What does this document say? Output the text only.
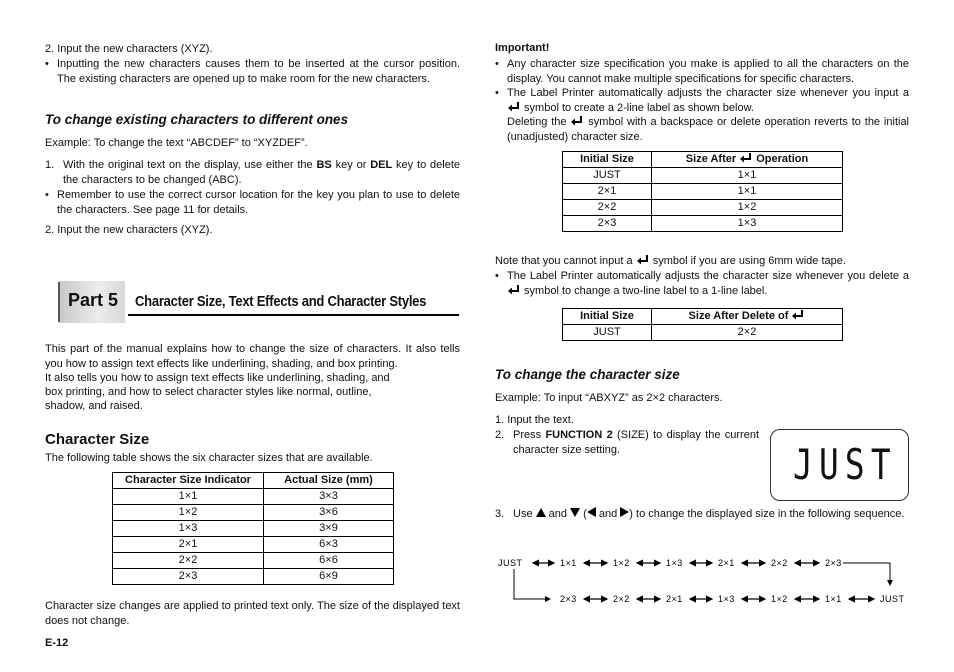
2. Input the new characters (XYZ).
• Inputting the new characters causes them to be inserted at the cursor position. The existing characters are opened up to make room for the new characters.
To change existing characters to different ones
Example: To change the text “ABCDEF” to “XYZDEF”.
1. With the original text on the display, use either the BS key or DEL key to delete the characters to be changed (ABC).
• Remember to use the correct cursor location for the key you plan to use to delete the characters. See page 11 for details.
2. Input the new characters (XYZ).
Part 5 Character Size, Text Effects and Character Styles
This part of the manual explains how to change the size of characters. It also tells you how to assign text effects like underlining, shading, and box printing.
It also tells you how to assign text effects like underlining, shading, and
box printing, and how to select character styles like normal, outline,
shadow, and raised.
Character Size
The following table shows the six character sizes that are available.
Character Size Indicator	Actual Size (mm)
1×1	3×3
1×2	3×6
1×3	3×9
2×1	6×3
2×2	6×6
2×3	6×9
Character size changes are applied to printed text only. The size of the displayed text does not change.
E-12
Important!
• Any character size specification you make is applied to all the characters on the display. You cannot make multiple specifications for specific characters.
• The Label Printer automatically adjusts the character size whenever you input a  symbol to create a 2-line label as shown below.
Deleting the  symbol with a backspace or delete operation reverts to the initial (unadjusted) character size.
Initial Size	Size After  Operation
JUST	1×1
2×1	1×1
2×2	1×2
2×3	1×3
Note that you cannot input a  symbol if you are using 6mm wide tape.
• The Label Printer automatically adjusts the character size whenever you delete a  symbol to change a two-line label to a 1-line label.
Initial Size	Size After Delete of
JUST	2×2
To change the character size
Example: To input “ABXYZ” as 2×2 characters.
1. Input the text.
2. Press FUNCTION 2 (SIZE) to display the current character size setting.	JUST
3. Use  and  ( and ) to change the displayed size in the following sequence.
JUST	1×1	1×2	1×3	2×1	2×2	2×3
2×3	2×2	2×1	1×3	1×2	1×1	JUST
